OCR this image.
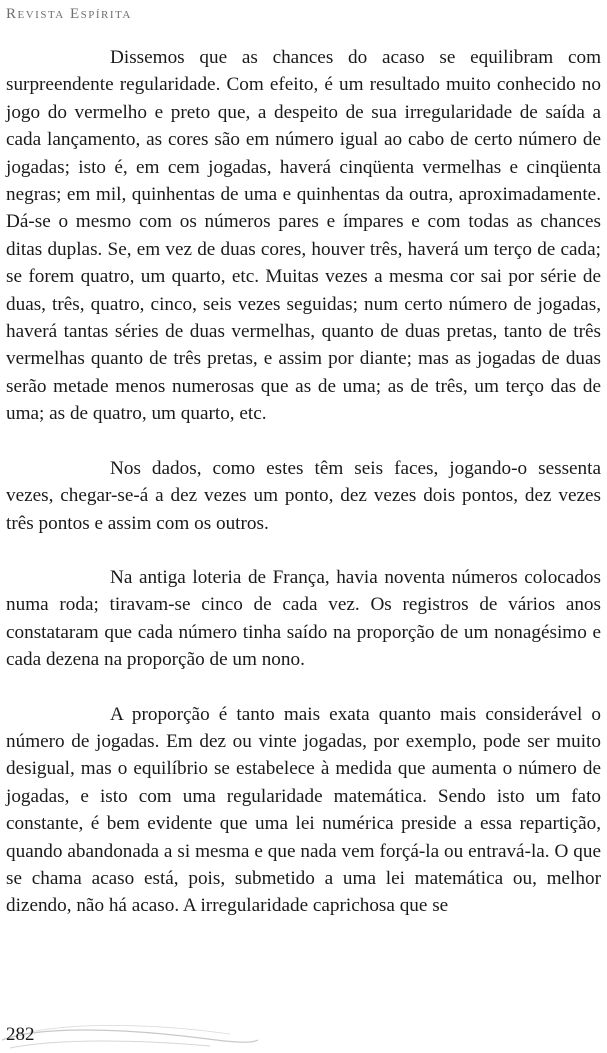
Revista Espírita

Dissemos que as chances do acaso se equilibram com surpreendente regularidade. Com efeito, é um resultado muito conhecido no jogo do vermelho e preto que, a despeito de sua irregularidade de saída a cada lançamento, as cores são em número igual ao cabo de certo número de jogadas; isto é, em cem jogadas, haverá cinqüenta vermelhas e cinqüenta negras; em mil, quinhentas de uma e quinhentas da outra, aproximadamente. Dá-se o mesmo com os números pares e ímpares e com todas as chances ditas duplas. Se, em vez de duas cores, houver três, haverá um terço de cada; se forem quatro, um quarto, etc. Muitas vezes a mesma cor sai por série de duas, três, quatro, cinco, seis vezes seguidas; num certo número de jogadas, haverá tantas séries de duas vermelhas, quanto de duas pretas, tanto de três vermelhas quanto de três pretas, e assim por diante; mas as jogadas de duas serão metade menos numerosas que as de uma; as de três, um terço das de uma; as de quatro, um quarto, etc.

Nos dados, como estes têm seis faces, jogando-o sessenta vezes, chegar-se-á a dez vezes um ponto, dez vezes dois pontos, dez vezes três pontos e assim com os outros.

Na antiga loteria de França, havia noventa números colocados numa roda; tiravam-se cinco de cada vez. Os registros de vários anos constataram que cada número tinha saído na proporção de um nonagésimo e cada dezena na proporção de um nono.

A proporção é tanto mais exata quanto mais considerável o número de jogadas. Em dez ou vinte jogadas, por exemplo, pode ser muito desigual, mas o equilíbrio se estabelece à medida que aumenta o número de jogadas, e isto com uma regularidade matemática. Sendo isto um fato constante, é bem evidente que uma lei numérica preside a essa repartição, quando abandonada a si mesma e que nada vem forçá-la ou entravá-la. O que se chama acaso está, pois, submetido a uma lei matemática ou, melhor dizendo, não há acaso. A irregularidade caprichosa que se

282
